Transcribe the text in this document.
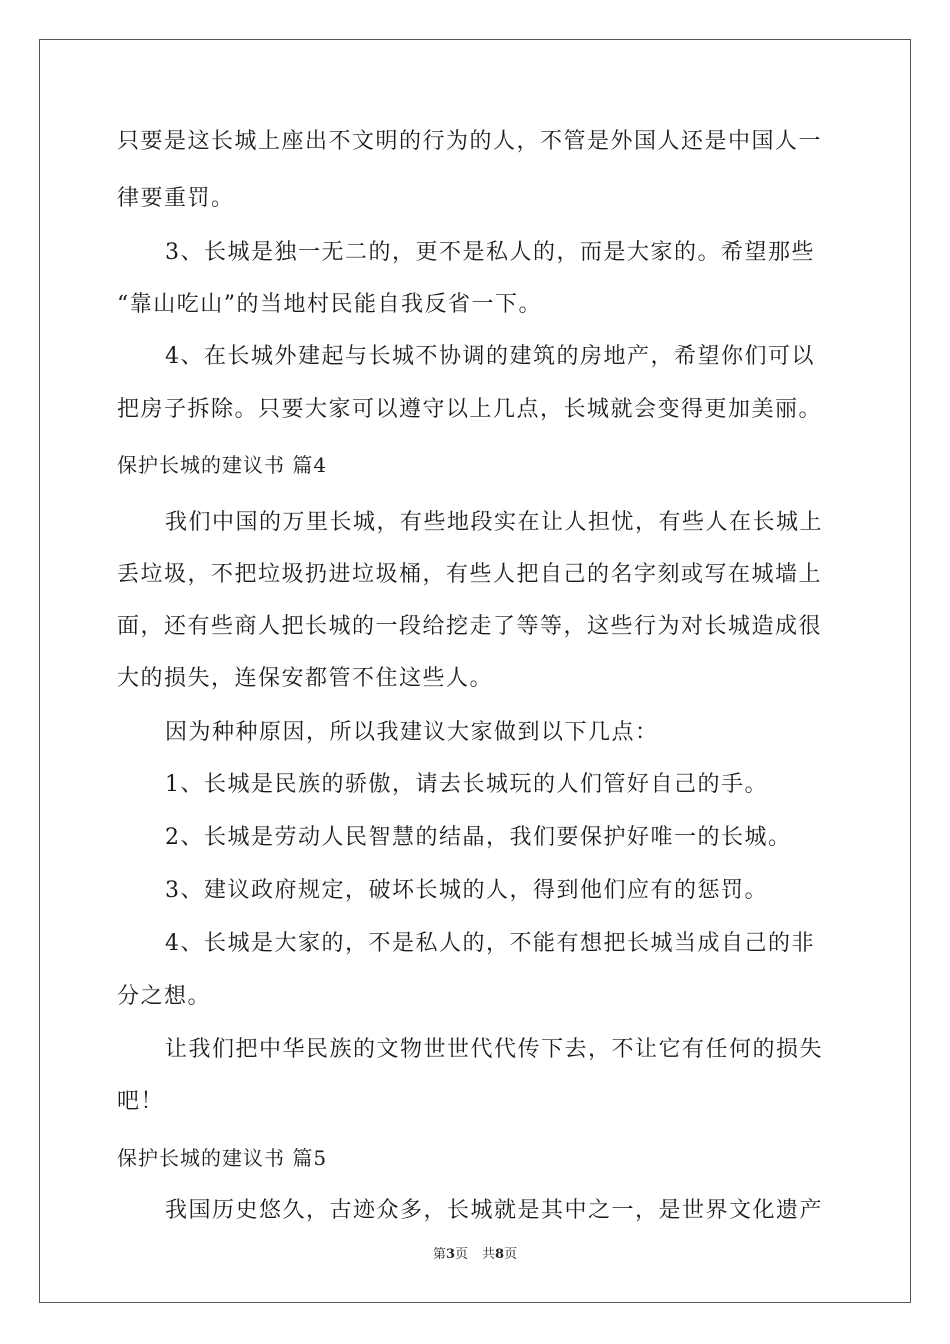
只要是这长城上座出不文明的行为的人，不管是外国人还是中国人一
律要重罚。
3、长城是独一无二的，更不是私人的，而是大家的。希望那些
“靠山吃山”的当地村民能自我反省一下。
4、在长城外建起与长城不协调的建筑的房地产，希望你们可以
把房子拆除。只要大家可以遵守以上几点，长城就会变得更加美丽。
保护长城的建议书 篇4
我们中国的万里长城，有些地段实在让人担忧，有些人在长城上
丢垃圾，不把垃圾扔进垃圾桶，有些人把自己的名字刻或写在城墙上
面，还有些商人把长城的一段给挖走了等等，这些行为对长城造成很
大的损失，连保安都管不住这些人。
因为种种原因，所以我建议大家做到以下几点：
1、长城是民族的骄傲，请去长城玩的人们管好自己的手。
2、长城是劳动人民智慧的结晶，我们要保护好唯一的长城。
3、建议政府规定，破坏长城的人，得到他们应有的惩罚。
4、长城是大家的，不是私人的，不能有想把长城当成自己的非
分之想。
让我们把中华民族的文物世世代代传下去，不让它有任何的损失
吧！
保护长城的建议书 篇5
我国历史悠久，古迹众多，长城就是其中之一，是世界文化遗产
第3页 共8页
